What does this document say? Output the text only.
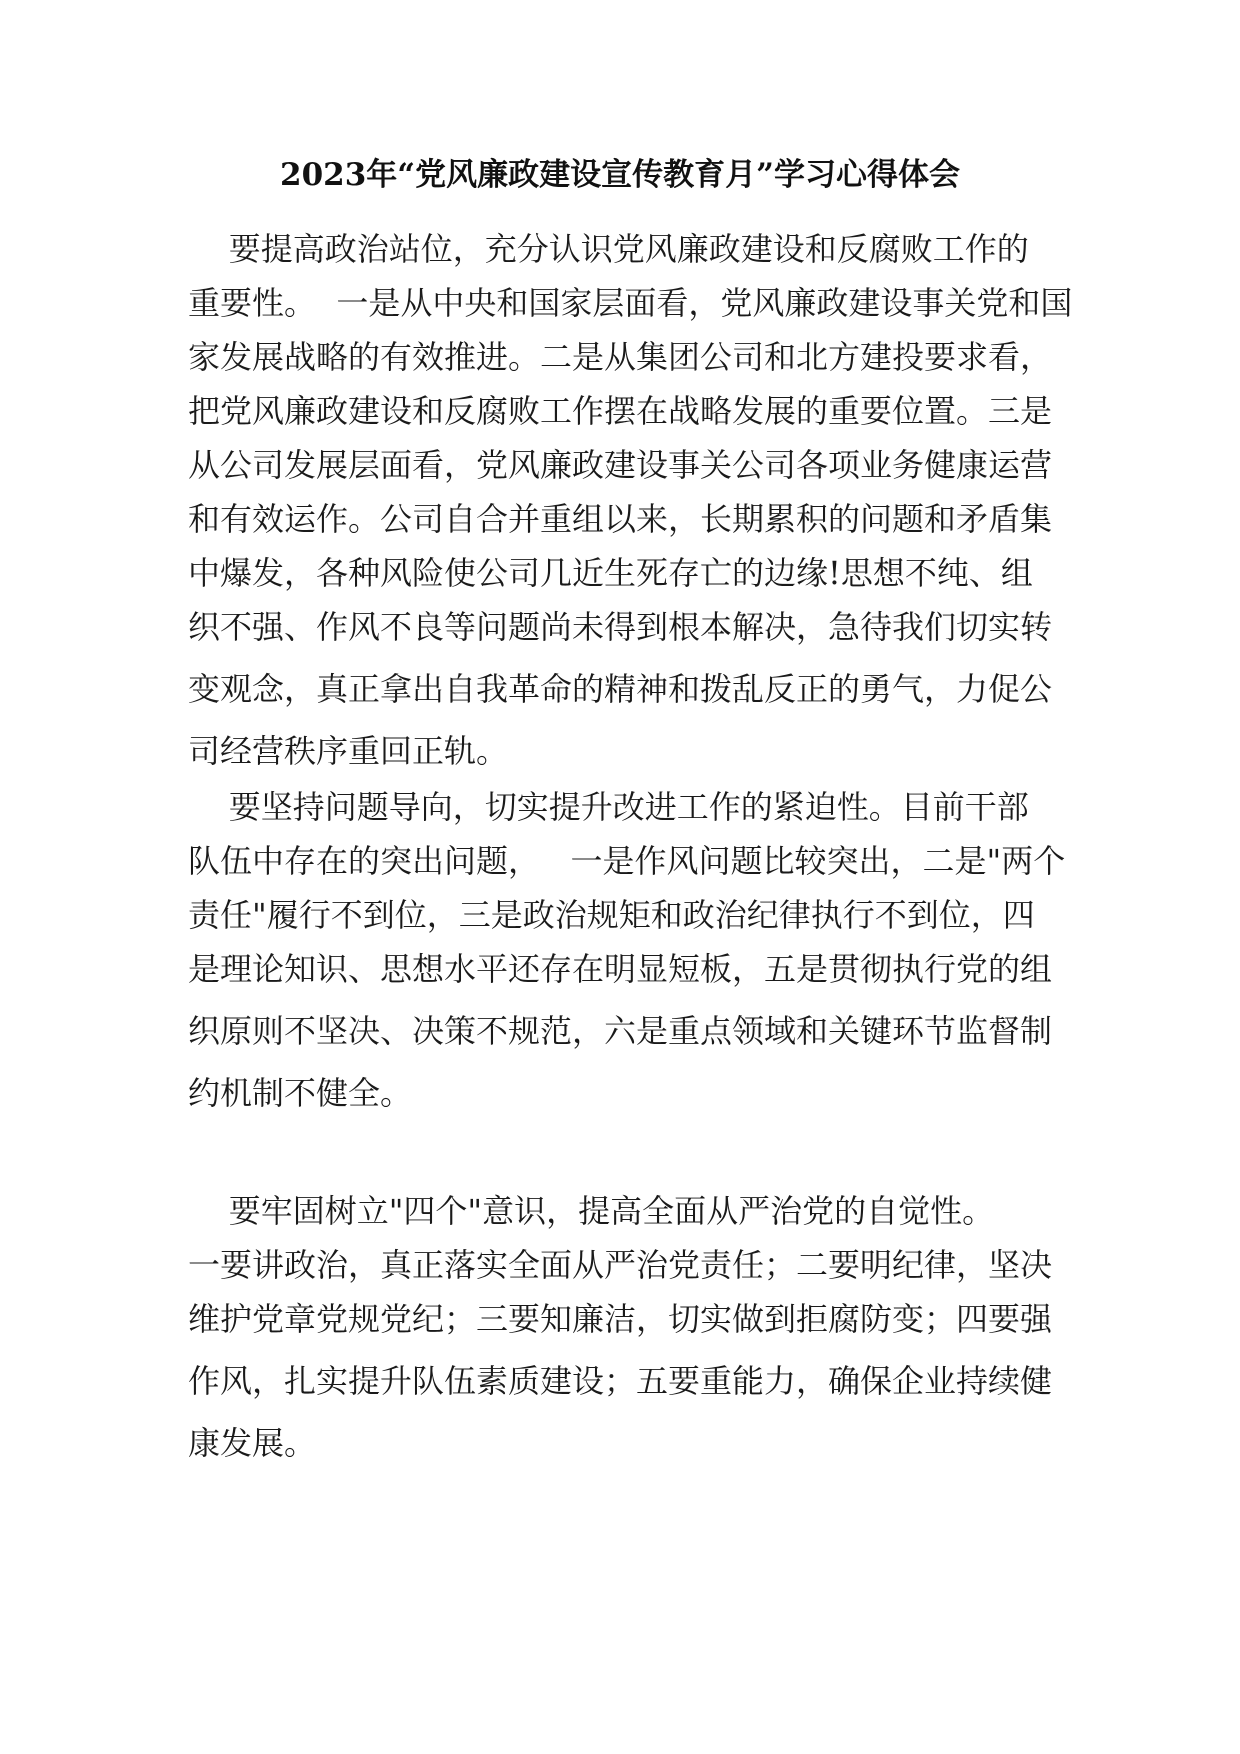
2023年“党风廉政建设宣传教育月”学习心得体会
要提高政治站位，充分认识党风廉政建设和反腐败工作的
重要性。  一是从中央和国家层面看，党风廉政建设事关党和国
家发展战略的有效推进。二是从集团公司和北方建投要求看，
把党风廉政建设和反腐败工作摆在战略发展的重要位置。三是
从公司发展层面看，党风廉政建设事关公司各项业务健康运营
和有效运作。公司自合并重组以来，长期累积的问题和矛盾集
中爆发，各种风险使公司几近生死存亡的边缘!思想不纯、组
织不强、作风不良等问题尚未得到根本解决，急待我们切实转
变观念，真正拿出自我革命的精神和拨乱反正的勇气，力促公
司经营秩序重回正轨。
要坚持问题导向，切实提升改进工作的紧迫性。目前干部
队伍中存在的突出问题，   一是作风问题比较突出，二是"两个
责任"履行不到位，三是政治规矩和政治纪律执行不到位，四
是理论知识、思想水平还存在明显短板，五是贯彻执行党的组
织原则不坚决、决策不规范，六是重点领域和关键环节监督制
约机制不健全。
要牢固树立"四个"意识，提高全面从严治党的自觉性。
一要讲政治，真正落实全面从严治党责任；二要明纪律，坚决
维护党章党规党纪；三要知廉洁，切实做到拒腐防变；四要强
作风，扎实提升队伍素质建设；五要重能力，确保企业持续健
康发展。
